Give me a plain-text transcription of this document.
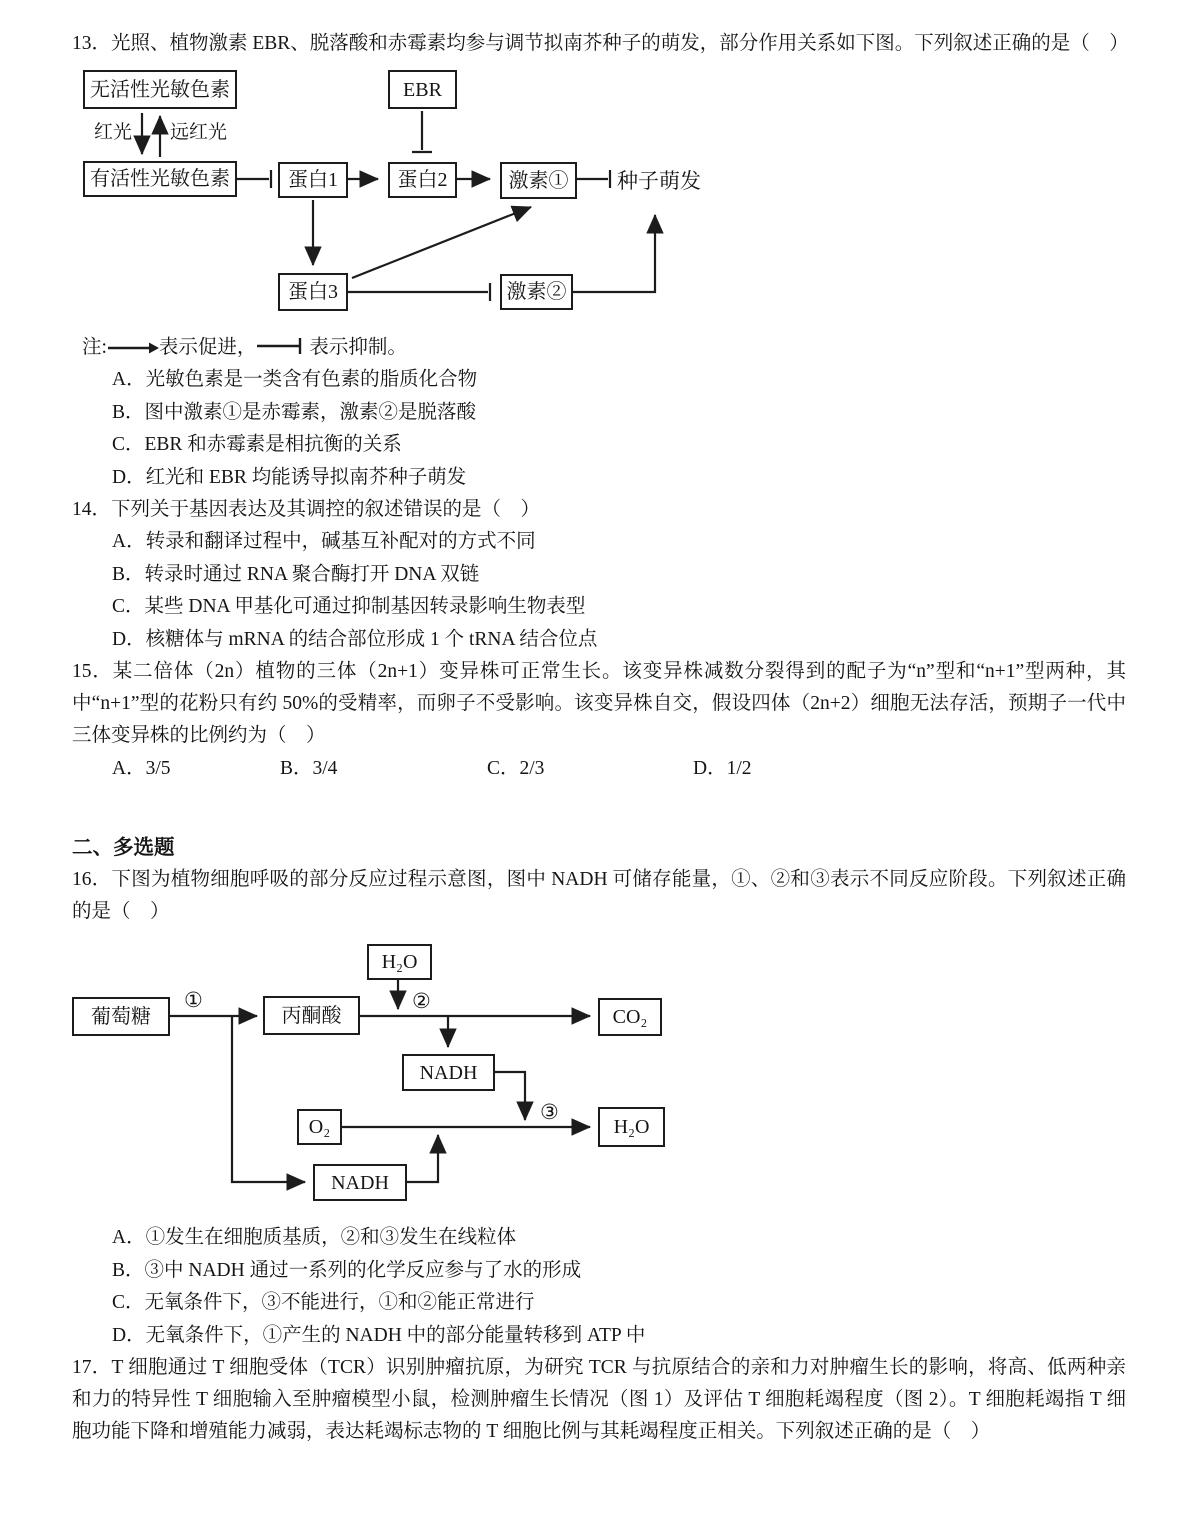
13．光照、植物激素 EBR、脱落酸和赤霉素均参与调节拟南芥种子的萌发，部分作用关系如下图。下列叙述正确的是（　）
无活性光敏色素	EBR
红光 远红光
有活性光敏色素	蛋白1	蛋白2	激素① 种子萌发
蛋白3	激素②
注:	表示促进，	表示抑制。
A．光敏色素是一类含有色素的脂质化合物
B．图中激素①是赤霉素，激素②是脱落酸
C．EBR 和赤霉素是相抗衡的关系
D．红光和 EBR 均能诱导拟南芥种子萌发
14．下列关于基因表达及其调控的叙述错误的是（　）
A．转录和翻译过程中，碱基互补配对的方式不同
B．转录时通过 RNA 聚合酶打开 DNA 双链
C．某些 DNA 甲基化可通过抑制基因转录影响生物表型
D．核糖体与 mRNA 的结合部位形成 1 个 tRNA 结合位点
15．某二倍体（2n）植物的三体（2n+1）变异株可正常生长。该变异株减数分裂得到的配子为“n”型和“n+1”型两种，其中“n+1”型的花粉只有约 50%的受精率，而卵子不受影响。该变异株自交，假设四体（2n+2）细胞无法存活，预期子一代中三体变异株的比例约为（　）
A．3/5	B．3/4	C．2/3	D．1/2
二、多选题
16．下图为植物细胞呼吸的部分反应过程示意图，图中 NADH 可储存能量，①、②和③表示不同反应阶段。下列叙述正确的是（　）
H₂O
葡萄糖
①
丙酮酸
②
CO₂
NADH
O₂
③
H₂O
NADH
A．①发生在细胞质基质，②和③发生在线粒体
B．③中 NADH 通过一系列的化学反应参与了水的形成
C．无氧条件下，③不能进行，①和②能正常进行
D．无氧条件下，①产生的 NADH 中的部分能量转移到 ATP 中
17．T 细胞通过 T 细胞受体（TCR）识别肿瘤抗原，为研究 TCR 与抗原结合的亲和力对肿瘤生长的影响，将高、低两种亲和力的特异性 T 细胞输入至肿瘤模型小鼠，检测肿瘤生长情况（图 1）及评估 T 细胞耗竭程度（图 2）。T 细胞耗竭指 T 细胞功能下降和增殖能力减弱，表达耗竭标志物的 T 细胞比例与其耗竭程度正相关。下列叙述正确的是（　）
